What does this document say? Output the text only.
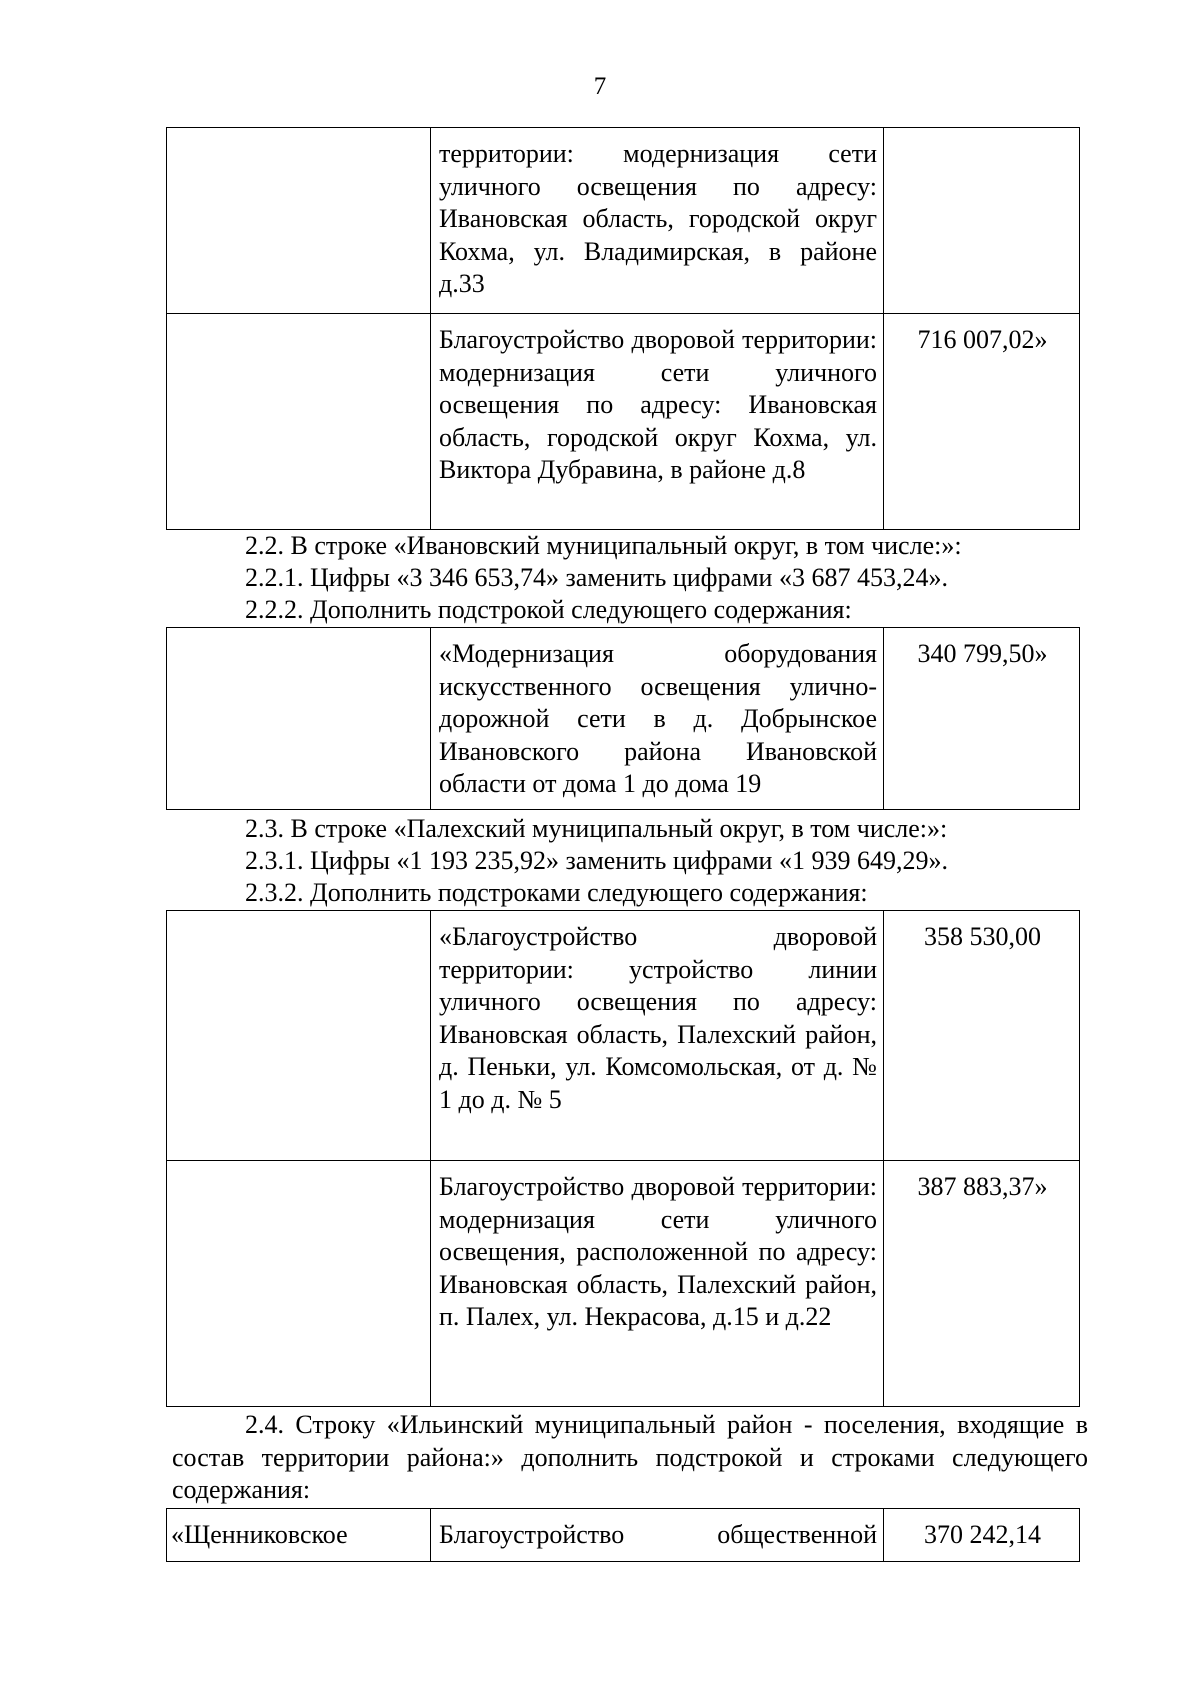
7
	территории: модернизация сети уличного освещения по адресу: Ивановская область, городской округ Кохма, ул. Владимирская, в районе д.33	
	Благоустройство дворовой территории: модернизация сети уличного освещения по адресу: Ивановская область, городской округ Кохма, ул. Виктора Дубравина, в районе д.8	716 007,02»
2.2. В строке «Ивановский муниципальный округ, в том числе:»:
2.2.1. Цифры «3 346 653,74» заменить цифрами «3 687 453,24».
2.2.2. Дополнить подстрокой следующего содержания:
	«Модернизация оборудования искусственного освещения улично-дорожной сети в д. Добрынское Ивановского района Ивановской области от дома 1 до дома 19	340 799,50»
2.3. В строке «Палехский муниципальный округ, в том числе:»:
2.3.1. Цифры «1 193 235,92» заменить цифрами «1 939 649,29».
2.3.2. Дополнить подстроками следующего содержания:
	«Благоустройство дворовой территории: устройство линии уличного освещения по адресу: Ивановская область, Палехский район, д. Пеньки, ул. Комсомольская, от д. № 1 до д. № 5	358 530,00
	Благоустройство дворовой территории: модернизация сети уличного освещения, расположенной по адресу: Ивановская область, Палехский район, п. Палех, ул. Некрасова, д.15 и д.22	387 883,37»
2.4. Строку «Ильинский муниципальный район - поселения, входящие в состав территории района:» дополнить подстрокой и строками следующего содержания:
«Щенниковское	Благоустройство общественной	370 242,14
